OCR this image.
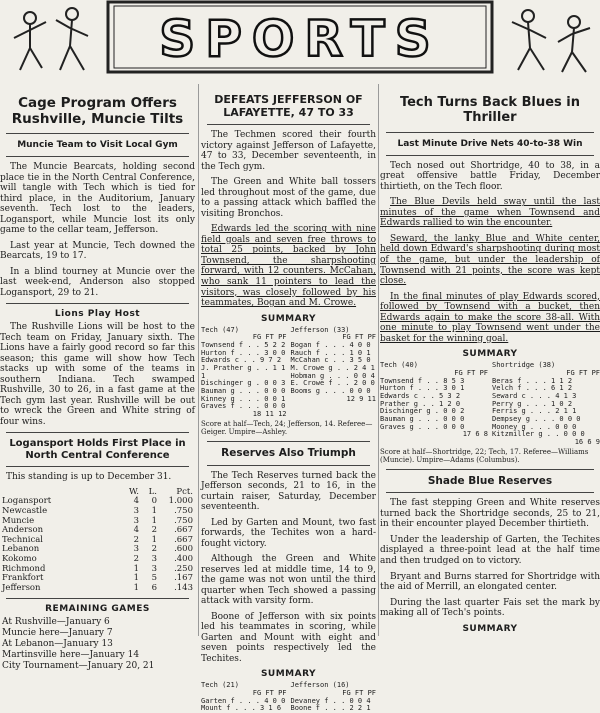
SPORTS
Cage Program Offers Rushville, Muncie Tilts
Muncie Team to Visit Local Gym

The Muncie Bearcats, holding second place tie in the North Central Conference, will tangle with Tech which is tied for third place, in the Auditorium, January seventh. Tech lost to the leaders, Logansport, while Muncie lost its only game to the cellar team, Jefferson.

Last year at Muncie, Tech downed the Bearcats, 19 to 17.

In a blind tourney at Muncie over the last week-end, Anderson also stopped Logansport, 29 to 21.

Lions Play Host

The Rushville Lions will be host to the Tech team on Friday, January sixth. The Lions have a fairly good record so far this season; this game will show how Tech stacks up with some of the teams in southern Indiana. Tech swamped Rushville, 30 to 26, in a fast game at the Tech gym last year. Rushville will be out to wreck the Green and White string of four wins.

Logansport Holds First Place in North Central Conference

This standing is up to December 31.

	W.	L.	Pct.
Logansport	4	0	1.000
Newcastle	3	1	.750
Muncie	3	1	.750
Anderson	4	2	.667
Technical	2	1	.667
Lebanon	3	2	.600
Kokomo	2	3	.400
Richmond	1	3	.250
Frankfort	1	5	.167
Jefferson	1	6	.143
REMAINING GAMES
At Rushville—January 6
Muncie here—January 7
At Lebanon—January 13
Martinsville here—January 14
City Tournament—January 20, 21
DEFEATS JEFFERSON OF LAFAYETTE, 47 TO 33

The Techmen scored their fourth victory against Jefferson of Lafayette, 47 to 33, December seventeenth, in the Tech gym.

The Green and White ball tossers led throughout most of the game, due to a passing attack which baffled the visiting Bronchos.

Edwards led the scoring with nine field goals and seven free throws to total 25 points, backed by John Townsend, the sharpshooting forward, with 12 counters. McCahan, who sank 11 pointers to lead the visitors, was closely followed by his teammates, Bogan and M. Crowe.

SUMMARY
Tech (47)
FG FT PF
Townsend f . . 5 2 2
Hurton f . . . 3 0 0
Edwards c . . 9 7 2
J. Prather g . . 1 1 1
Dischinger g . 0 0 3
Bauman g . . . 0 0 0
Kinney g . . . 0 0 1
Graves f . . . 0 0 0
18 11 12
Jefferson (33)
FG FT PF
Bogan f . . . 4 0 0
Rauch f . . . 1 0 1
McCahan c . . 3 5 0
M. Crowe g . . 2 4 1
Hobman g . . . 0 0 4
E. Crowe f . . 2 0 0
Booms g . . . 0 0 0
12 9 11
Score at half—Tech, 24; Jefferson, 14. Referee—Geiger. Umpire—Ashley.
Reserves Also Triumph

The Tech Reserves turned back the Jefferson seconds, 21 to 16, in the curtain raiser, Saturday, December seventeenth.

Led by Garten and Mount, two fast forwards, the Techites won a hard-fought victory.

Although the Green and White reserves led at middle time, 14 to 9, the game was not won until the third quarter when Tech showed a passing attack with varsity form.

Boone of Jefferson with six points led his teammates in scoring, while Garten and Mount with eight and seven points respectively led the Techites.

SUMMARY
Tech (21)
FG FT PF
Garten f . . . 4 0 0
Mount f . . . 3 1 6
Jefferson (16)
FG FT PF
Devaney f . . 0 0 4
Boone f . . . 2 2 1
Tech Turns Back Blues in Thriller
Last Minute Drive Nets 40-to-38 Win

Tech nosed out Shortridge, 40 to 38, in a great offensive battle Friday, December thirtieth, on the Tech floor.

The Blue Devils held sway until the last minutes of the game when Townsend and Edwards rallied to win the encounter.

Seward, the lanky Blue and White center, held down Edward's sharpshooting during most of the game, but under the leadership of Townsend with 21 points, the score was kept close.

In the final minutes of play Edwards scored, followed by Townsend with a bucket, then Edwards again to make the score 38-all. With one minute to play Townsend went under the basket for the winning goal.

SUMMARY
Tech (40)
FG FT PF
Townsend f . . 8 5 3
Hurton f . . . 3 0 1
Edwards c . . 5 3 2
Prather g . . 1 2 0
Dischinger g . 0 0 2
Bauman g . . . 0 0 0
Graves g . . . 0 0 0
17 6 8
Shortridge (38)
FG FT PF
Beras f . . . 1 1 2
Velch f . . . 6 1 2
Seward c . . . 4 1 3
Perry g . . . 1 0 2
Ferris g . . . 2 1 1
Dempsey g . . . 0 0 0
Mooney g . . . 0 0 0
Kitzmiller g . . 0 0 0
16 6 9
Score at half—Shortridge, 22; Tech, 17. Referee—Williams (Muncie). Umpire—Adams (Columbus).
Shade Blue Reserves

The fast stepping Green and White reserves turned back the Shortridge seconds, 25 to 21, in their encounter played December thirtieth.

Under the leadership of Garten, the Techites displayed a three-point lead at the half time and then trudged on to victory.

Bryant and Burns starred for Shortridge with the aid of Merrill, an elongated center.

During the last quarter Fais set the mark by making all of Tech's points.

SUMMARY
